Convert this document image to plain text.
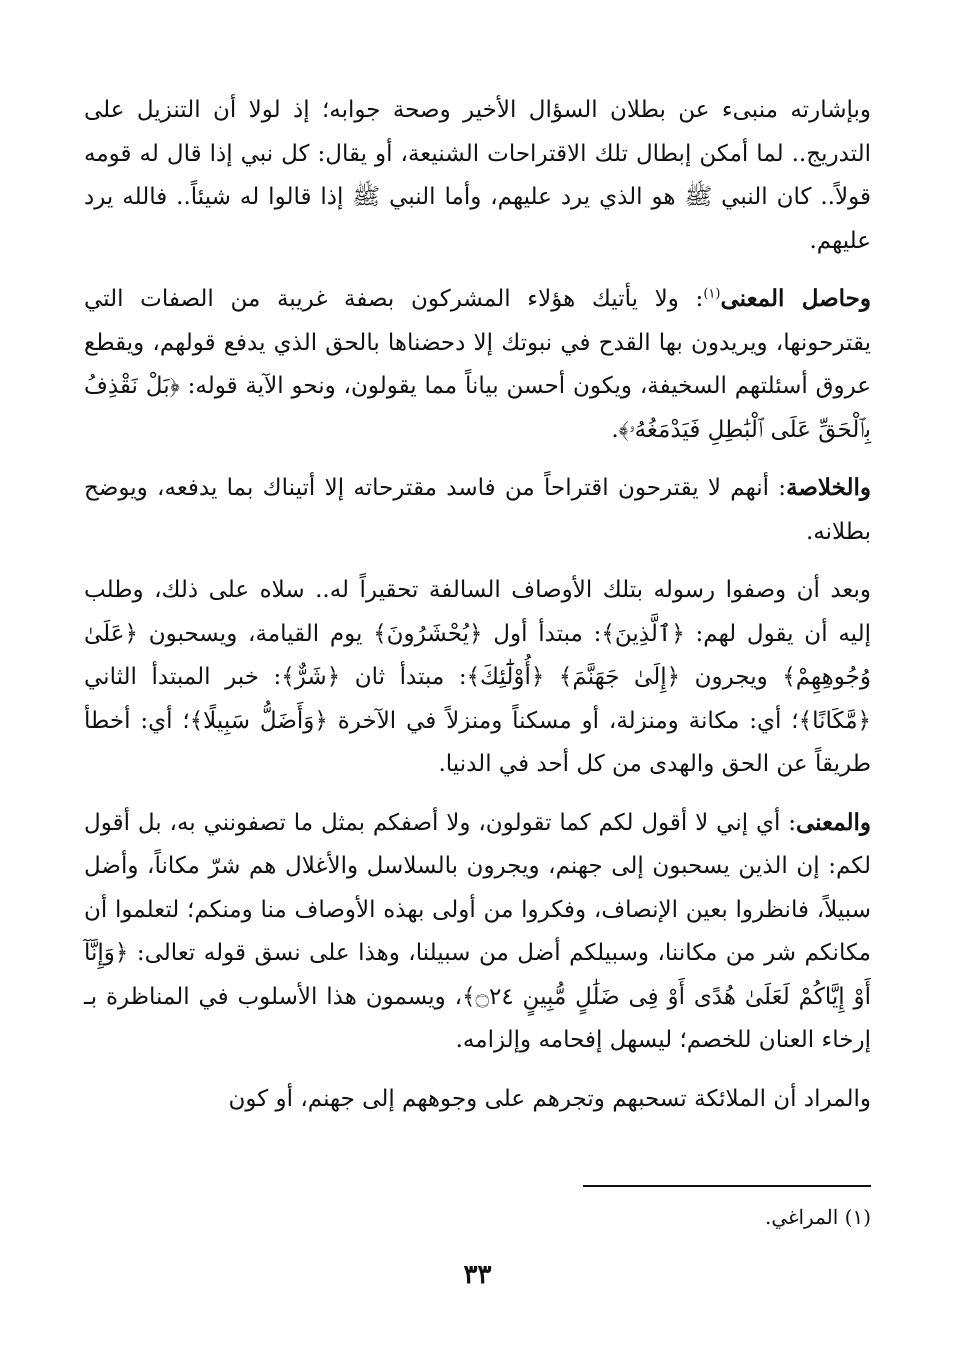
وبإشارته منبىء عن بطلان السؤال الأخير وصحة جوابه؛ إذ لولا أن التنزيل على التدريج.. لما أمكن إبطال تلك الاقتراحات الشنيعة، أو يقال: كل نبي إذا قال له قومه قولاً.. كان النبي ﷺ هو الذي يرد عليهم، وأما النبي ﷺ إذا قالوا له شيئاً.. فالله يرد عليهم.

وحاصل المعنى$^{(١)}$: ولا يأتيك هؤلاء المشركون بصفة غريبة من الصفات التي يقترحونها، ويريدون بها القدح في نبوتك إلا دحضناها بالحق الذي يدفع قولهم، ويقطع عروق أسئلتهم السخيفة، ويكون أحسن بياناً مما يقولون، ونحو الآية قوله: ﴿بَلْ نَقْذِفُ بِٱلْحَقِّ عَلَى ٱلْبَٰطِلِ فَيَدْمَغُهُۥ﴾.

والخلاصة: أنهم لا يقترحون اقتراحاً من فاسد مقترحاته إلا أتيناك بما يدفعه، ويوضح بطلانه.

وبعد أن وصفوا رسوله بتلك الأوصاف السالفة تحقيراً له.. سلاه على ذلك، وطلب إليه أن يقول لهم: ﴿ٱلَّذِينَ﴾: مبتدأ أول ﴿يُحْشَرُونَ﴾ يوم القيامة، ويسحبون ﴿عَلَىٰ وُجُوهِهِمْ﴾ ويجرون ﴿إِلَىٰ جَهَنَّمَ﴾ ﴿أُوْلَٰٓئِكَ﴾: مبتدأ ثان ﴿شَرٌّ﴾: خبر المبتدأ الثاني ﴿مَّكَانًا﴾؛ أي: مكانة ومنزلة، أو مسكناً ومنزلاً في الآخرة ﴿وَأَضَلُّ سَبِيلًا﴾؛ أي: أخطأ طريقاً عن الحق والهدى من كل أحد في الدنيا.

والمعنى: أي إني لا أقول لكم كما تقولون، ولا أصفكم بمثل ما تصفونني به، بل أقول لكم: إن الذين يسحبون إلى جهنم، ويجرون بالسلاسل والأغلال هم شرّ مكاناً، وأضل سبيلاً، فانظروا بعين الإنصاف، وفكروا من أولى بهذه الأوصاف منا ومنكم؛ لتعلموا أن مكانكم شر من مكاننا، وسبيلكم أضل من سبيلنا، وهذا على نسق قوله تعالى: ﴿وَإِنَّآ أَوْ إِيَّاكُمْ لَعَلَىٰ هُدًى أَوْ فِى ضَلَٰلٍ مُّبِينٍ ۝٢٤﴾، ويسمون هذا الأسلوب في المناظرة بـ إرخاء العنان للخصم؛ ليسهل إفحامه وإلزامه.

والمراد أن الملائكة تسحبهم وتجرهم على وجوههم إلى جهنم، أو كون

(١) المراغي.
٣٣
